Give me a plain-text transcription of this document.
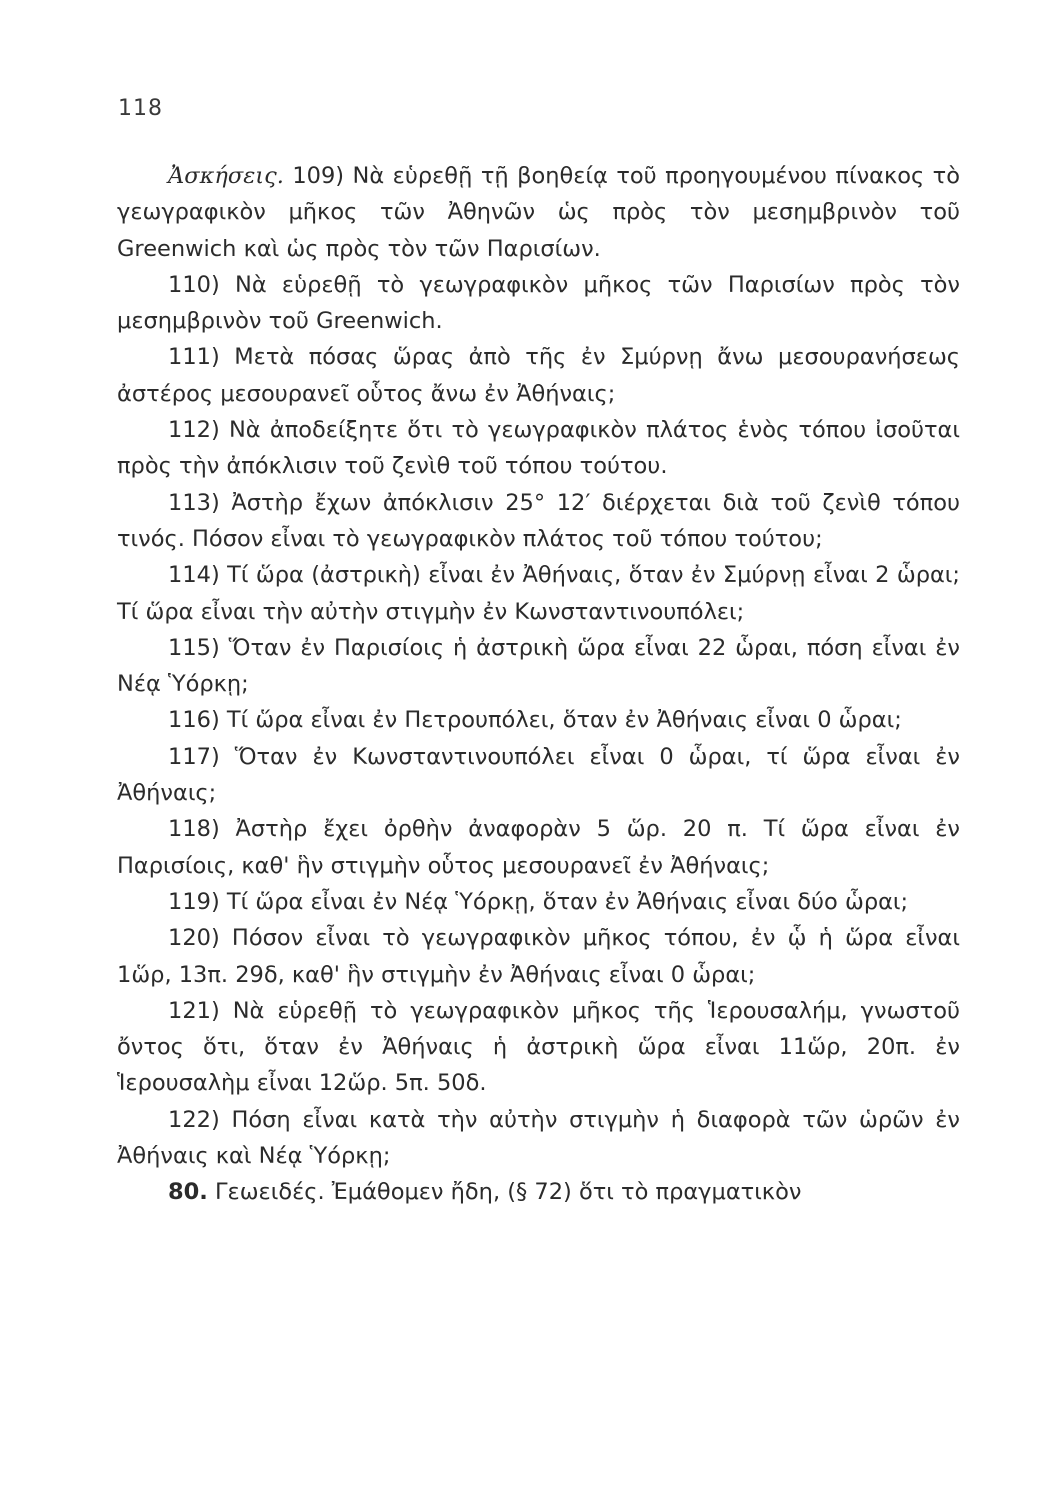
118

Ἀσκήσεις. 109) Νὰ εὑρεθῇ τῇ βοηθείᾳ τοῦ προηγουμένου πίνακος τὸ γεωγραφικὸν μῆκος τῶν Ἀθηνῶν ὡς πρὸς τὸν μεσημβρινὸν τοῦ Greenwich καὶ ὡς πρὸς τὸν τῶν Παρισίων.

110) Νὰ εὑρεθῇ τὸ γεωγραφικὸν μῆκος τῶν Παρισίων πρὸς τὸν μεσημβρινὸν τοῦ Greenwich.

111) Μετὰ πόσας ὥρας ἀπὸ τῆς ἐν Σμύρνῃ ἄνω μεσουρανήσεως ἀστέρος μεσουρανεῖ οὗτος ἄνω ἐν Ἀθήναις;

112) Νὰ ἀποδείξητε ὅτι τὸ γεωγραφικὸν πλάτος ἑνὸς τόπου ἰσοῦται πρὸς τὴν ἀπόκλισιν τοῦ ζενὶθ τοῦ τόπου τούτου.

113) Ἀστὴρ ἔχων ἀπόκλισιν 25° 12′ διέρχεται διὰ τοῦ ζενὶθ τόπου τινός. Πόσον εἶναι τὸ γεωγραφικὸν πλάτος τοῦ τόπου τούτου;

114) Τί ὥρα (ἀστρικὴ) εἶναι ἐν Ἀθήναις, ὅταν ἐν Σμύρνῃ εἶναι 2 ὧραι; Τί ὥρα εἶναι τὴν αὐτὴν στιγμὴν ἐν Κωνσταντινουπόλει;

115) Ὅταν ἐν Παρισίοις ἡ ἀστρικὴ ὥρα εἶναι 22 ὧραι, πόση εἶναι ἐν Νέᾳ Ὑόρκῃ;

116) Τί ὥρα εἶναι ἐν Πετρουπόλει, ὅταν ἐν Ἀθήναις εἶναι 0 ὧραι;

117) Ὅταν ἐν Κωνσταντινουπόλει εἶναι 0 ὧραι, τί ὥρα εἶναι ἐν Ἀθήναις;

118) Ἀστὴρ ἔχει ὀρθὴν ἀναφορὰν 5 ὥρ. 20 π. Τί ὥρα εἶναι ἐν Παρισίοις, καθ' ἣν στιγμὴν οὗτος μεσουρανεῖ ἐν Ἀθήναις;

119) Τί ὥρα εἶναι ἐν Νέᾳ Ὑόρκῃ, ὅταν ἐν Ἀθήναις εἶναι δύο ὧραι;

120) Πόσον εἶναι τὸ γεωγραφικὸν μῆκος τόπου, ἐν ᾧ ἡ ὥρα εἶναι 1ὥρ, 13π. 29δ, καθ' ἣν στιγμὴν ἐν Ἀθήναις εἶναι 0 ὧραι;

121) Νὰ εὑρεθῇ τὸ γεωγραφικὸν μῆκος τῆς Ἱερουσαλήμ, γνωστοῦ ὄντος ὅτι, ὅταν ἐν Ἀθήναις ἡ ἀστρικὴ ὥρα εἶναι 11ὥρ, 20π. ἐν Ἱερουσαλὴμ εἶναι 12ὥρ. 5π. 50δ.

122) Πόση εἶναι κατὰ τὴν αὐτὴν στιγμὴν ἡ διαφορὰ τῶν ὡρῶν ἐν Ἀθήναις καὶ Νέᾳ Ὑόρκῃ;

80. Γεωειδές. Ἐμάθομεν ἤδη, (§ 72) ὅτι τὸ πραγματικὸν
